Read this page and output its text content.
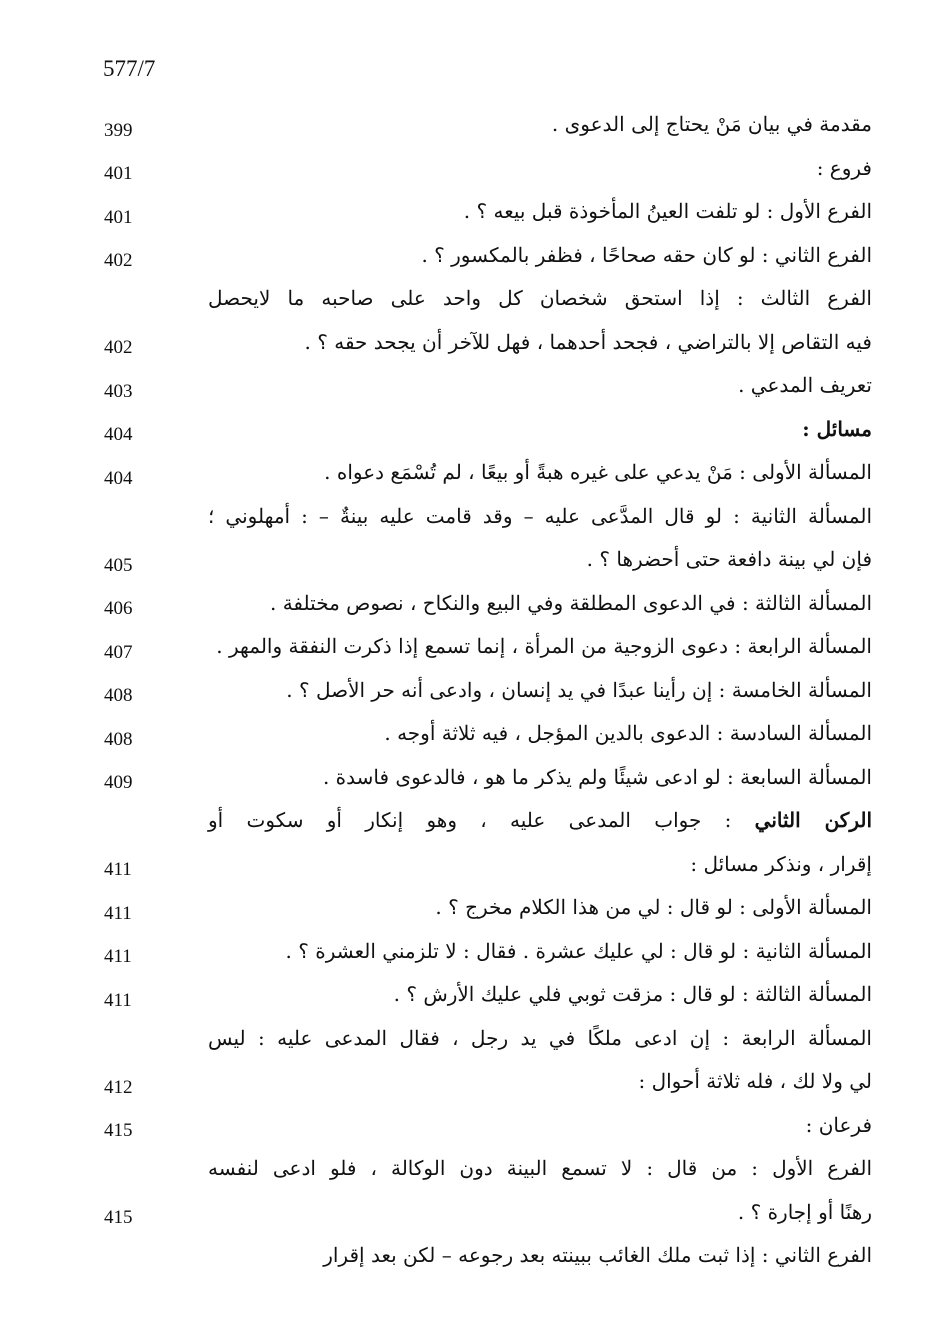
577/7
مقدمة في بيان مَنْ يحتاج إلى الدعوى .
399
فروع :
401
الفرع الأول : لو تلفت العينُ المأخوذة قبل بيعه ؟ .
401
الفرع الثاني : لو كان حقه صحاحًا ، فظفر بالمكسور ؟ .
402
الفرع الثالث : إذا استحق شخصان كل واحد على صاحبه ما لايحصل
فيه التقاص إلا بالتراضي ، فجحد أحدهما ، فهل للآخر أن يجحد حقه ؟ .
402
تعريف المدعي .
403
مسائل :
404
المسألة الأولى : مَنْ يدعي على غيره هبةً أو بيعًا ، لم تُسْمَع دعواه .
404
المسألة الثانية : لو قال المدَّعى عليه – وقد قامت عليه بينةٌ – : أمهلوني ؛
فإن لي بينة دافعة حتى أحضرها ؟ .
405
المسألة الثالثة : في الدعوى المطلقة وفي البيع والنكاح ، نصوص مختلفة .
406
المسألة الرابعة : دعوى الزوجية من المرأة ، إنما تسمع إذا ذكرت النفقة والمهر .
407
المسألة الخامسة : إن رأينا عبدًا في يد إنسان ، وادعى أنه حر الأصل ؟ .
408
المسألة السادسة : الدعوى بالدين المؤجل ، فيه ثلاثة أوجه .
408
المسألة السابعة : لو ادعى شيئًا ولم يذكر ما هو ، فالدعوى فاسدة .
409
الركن الثاني : جواب المدعى عليه ، وهو إنكار أو سكوت أو
إقرار ، ونذكر مسائل :
411
المسألة الأولى : لو قال : لي من هذا الكلام مخرج ؟ .
411
المسألة الثانية : لو قال : لي عليك عشرة . فقال : لا تلزمني العشرة ؟ .
411
المسألة الثالثة : لو قال : مزقت ثوبي فلي عليك الأرش ؟ .
411
المسألة الرابعة : إن ادعى ملكًا في يد رجل ، فقال المدعى عليه : ليس
لي ولا لك ، فله ثلاثة أحوال :
412
فرعان :
415
الفرع الأول : من قال : لا تسمع البينة دون الوكالة ، فلو ادعى لنفسه
رهنًا أو إجارة ؟ .
415
الفرع الثاني : إذا ثبت ملك الغائب ببينته بعد رجوعه – لكن بعد إقرار
